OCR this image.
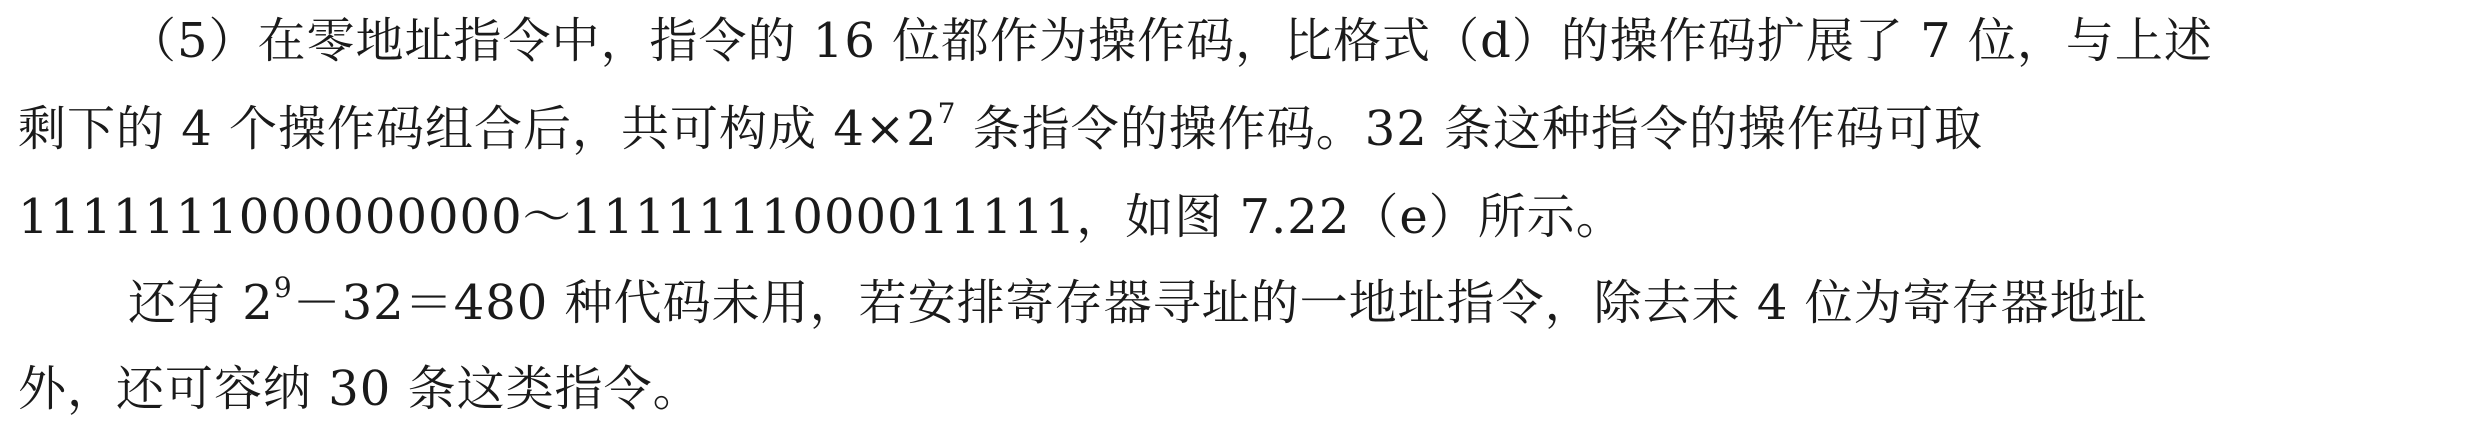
（5）在零地址指令中，指令的 16 位都作为操作码，比格式（d）的操作码扩展了 7 位，与上述
剩下的 4 个操作码组合后，共可构成 $4\times 2^7$ 条指令的操作码。32 条这种指令的操作码可取
1111111000000000～1111111000011111，如图 7.22（e）所示。
还有 $2^9-32=480$ 种代码未用，若安排寄存器寻址的一地址指令，除去末 4 位为寄存器地址
外，还可容纳 30 条这类指令。
